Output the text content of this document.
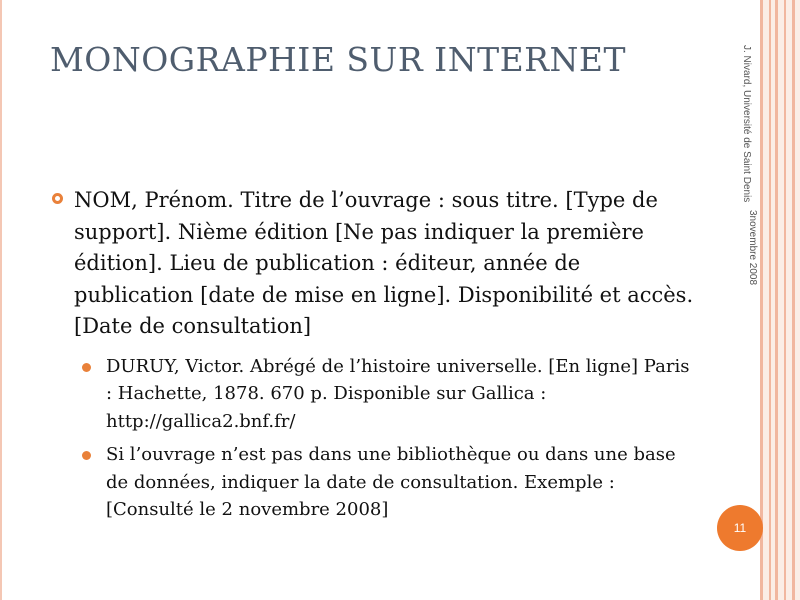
MONOGRAPHIE SUR INTERNET	J. Nivard, Université de Saint Denis
3novembre 2008
NOM, Prénom. Titre de l’ouvrage : sous titre. [Type de support]. Nième édition [Ne pas indiquer la première édition]. Lieu de publication : éditeur, année de publication [date de mise en ligne]. Disponibilité et accès. [Date de consultation]
DURUY, Victor. Abrégé de l’histoire universelle. [En ligne] Paris : Hachette, 1878. 670 p. Disponible sur Gallica : http://gallica2.bnf.fr/
Si l’ouvrage n’est pas dans une bibliothèque ou dans une base de données, indiquer la date de consultation. Exemple : [Consulté le 2 novembre 2008]
11
